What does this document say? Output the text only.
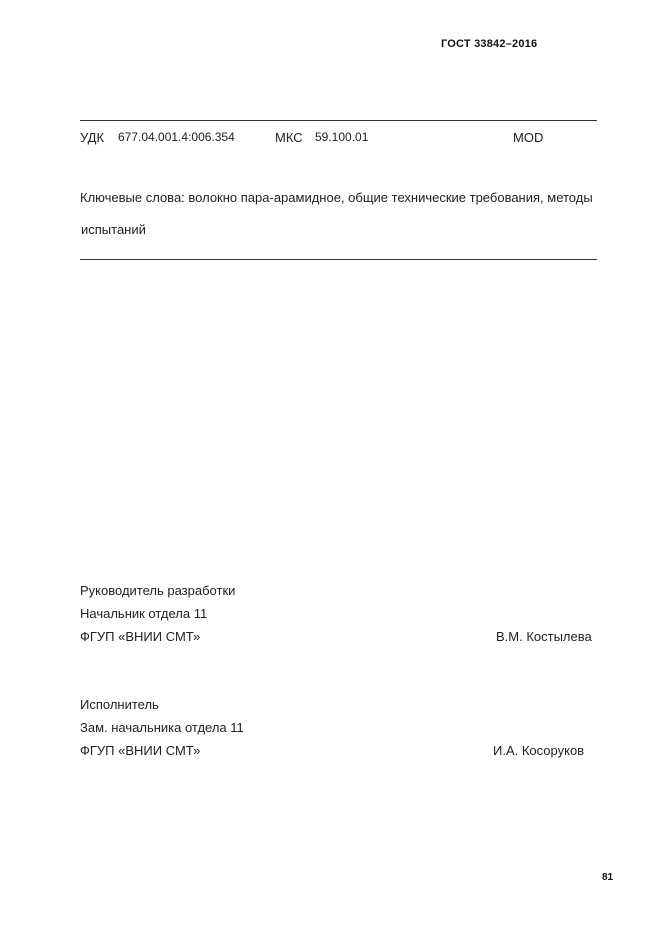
ГОСТ 33842–2016
УДК 677.04.001.4:006.354	МКС 59.100.01	MOD
Ключевые слова: волокно пара-арамидное, общие технические требования, методы
испытаний
Руководитель разработки
Начальник отдела 11
ФГУП «ВНИИ СМТ»	В.М. Костылева
Исполнитель
Зам. начальника отдела 11
ФГУП «ВНИИ СМТ»	И.А. Косоруков
81
